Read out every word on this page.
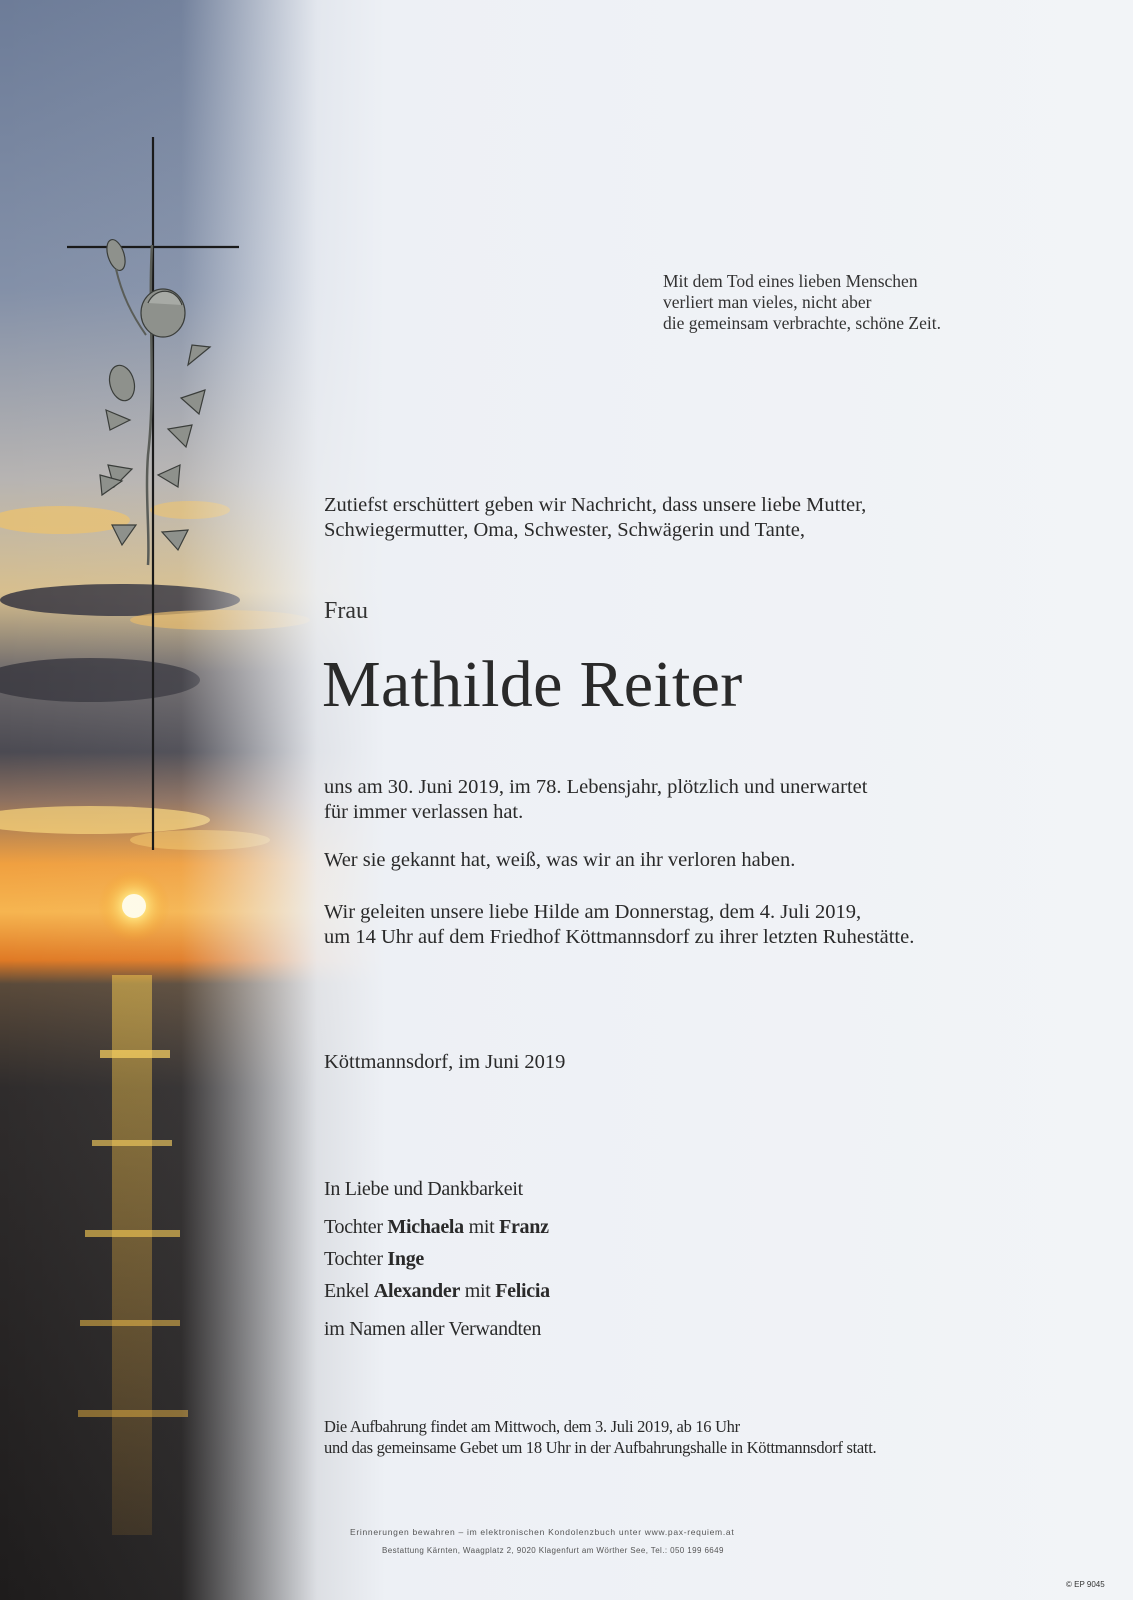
Mit dem Tod eines lieben Menschen
verliert man vieles, nicht aber
die gemeinsam verbrachte, schöne Zeit.
Zutiefst erschüttert geben wir Nachricht, dass unsere liebe Mutter,
Schwiegermutter, Oma, Schwester, Schwägerin und Tante,
Frau
Mathilde Reiter
uns am 30. Juni 2019, im 78. Lebensjahr, plötzlich und unerwartet
für immer verlassen hat.
Wer sie gekannt hat, weiß, was wir an ihr verloren haben.
Wir geleiten unsere liebe Hilde am Donnerstag, dem 4. Juli 2019,
um 14 Uhr auf dem Friedhof Köttmannsdorf zu ihrer letzten Ruhestätte.
Köttmannsdorf, im Juni 2019
In Liebe und Dankbarkeit
Tochter Michaela mit Franz
Tochter Inge
Enkel Alexander mit Felicia
im Namen aller Verwandten
Die Aufbahrung findet am Mittwoch, dem 3. Juli 2019, ab 16 Uhr
und das gemeinsame Gebet um 18 Uhr in der Aufbahrungshalle in Köttmannsdorf statt.
Erinnerungen bewahren – im elektronischen Kondolenzbuch unter www.pax-requiem.at
Bestattung Kärnten, Waagplatz 2, 9020 Klagenfurt am Wörther See, Tel.: 050 199 6649
© EP 9045
